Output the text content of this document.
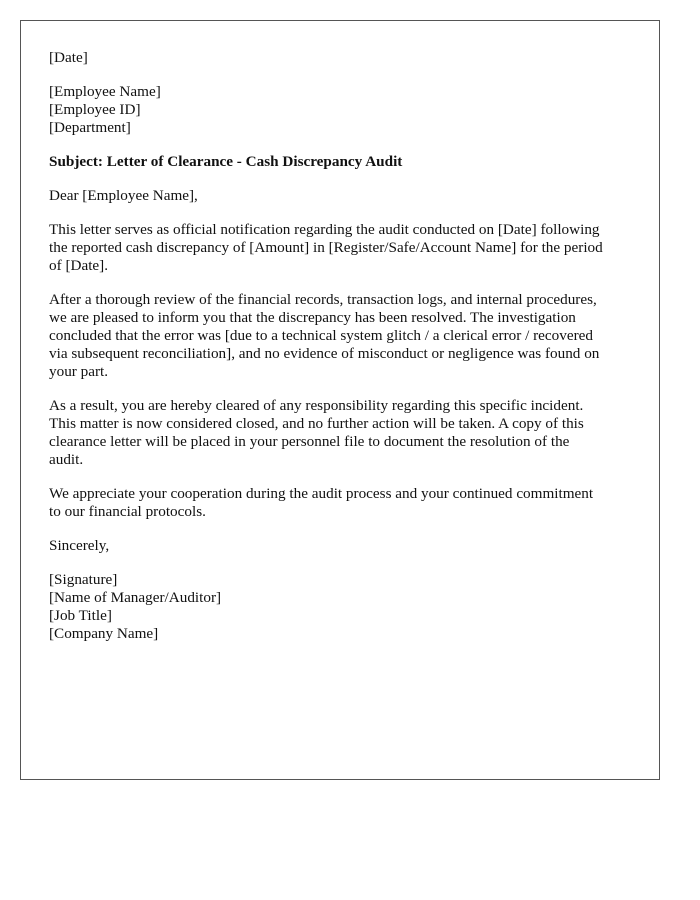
[Date]

[Employee Name]
[Employee ID]
[Department]

Subject: Letter of Clearance - Cash Discrepancy Audit

Dear [Employee Name],

This letter serves as official notification regarding the audit conducted on [Date] following
the reported cash discrepancy of [Amount] in [Register/Safe/Account Name] for the period
of [Date].

After a thorough review of the financial records, transaction logs, and internal procedures,
we are pleased to inform you that the discrepancy has been resolved. The investigation
concluded that the error was [due to a technical system glitch / a clerical error / recovered
via subsequent reconciliation], and no evidence of misconduct or negligence was found on
your part.

As a result, you are hereby cleared of any responsibility regarding this specific incident.
This matter is now considered closed, and no further action will be taken. A copy of this
clearance letter will be placed in your personnel file to document the resolution of the
audit.

We appreciate your cooperation during the audit process and your continued commitment
to our financial protocols.

Sincerely,

[Signature]
[Name of Manager/Auditor]
[Job Title]
[Company Name]
